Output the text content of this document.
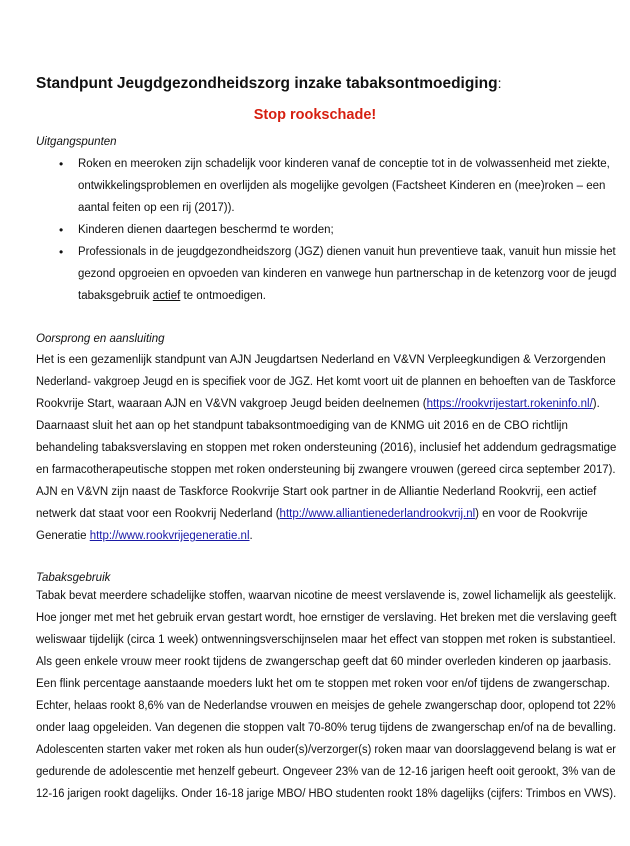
Standpunt Jeugdgezondheidszorg inzake tabaksontmoediging:
Stop rookschade!

Uitgangspunten

• Roken en meeroken zijn schadelijk voor kinderen vanaf de conceptie tot in de volwassenheid met ziekte,

ontwikkelingsproblemen en overlijden als mogelijke gevolgen (Factsheet Kinderen en (mee)roken – een

aantal feiten op een rij (2017)).

• Kinderen dienen daartegen beschermd te worden;

• Professionals in de jeugdgezondheidszorg (JGZ) dienen vanuit hun preventieve taak, vanuit hun missie het

gezond opgroeien en opvoeden van kinderen en vanwege hun partnerschap in de ketenzorg voor de jeugd

tabaksgebruik actief te ontmoedigen.

Oorsprong en aansluiting

Het is een gezamenlijk standpunt van AJN Jeugdartsen Nederland en V&VN Verpleegkundigen & Verzorgenden

Nederland- vakgroep Jeugd en is specifiek voor de JGZ. Het komt voort uit de plannen en behoeften van de Taskforce

Rookvrije Start, waaraan AJN en V&VN vakgroep Jeugd beiden deelnemen (https://rookvrijestart.rokeninfo.nl/).

Daarnaast sluit het aan op het standpunt tabaksontmoediging van de KNMG uit 2016 en de CBO richtlijn

behandeling tabaksverslaving en stoppen met roken ondersteuning (2016), inclusief het addendum gedragsmatige

en farmacotherapeutische stoppen met roken ondersteuning bij zwangere vrouwen (gereed circa september 2017).

AJN en V&VN zijn naast de Taskforce Rookvrije Start ook partner in de Alliantie Nederland Rookvrij, een actief

netwerk dat staat voor een Rookvrij Nederland (http://www.alliantienederlandrookvrij.nl) en voor de Rookvrije

Generatie http://www.rookvrijegeneratie.nl.

Tabaksgebruik

Tabak bevat meerdere schadelijke stoffen, waarvan nicotine de meest verslavende is, zowel lichamelijk als geestelijk.

Hoe jonger met met het gebruik ervan gestart wordt, hoe ernstiger de verslaving. Het breken met die verslaving geeft

weliswaar tijdelijk (circa 1 week) ontwenningsverschijnselen maar het effect van stoppen met roken is substantieel.

Als geen enkele vrouw meer rookt tijdens de zwangerschap geeft dat 60 minder overleden kinderen op jaarbasis.

Een flink percentage aanstaande moeders lukt het om te stoppen met roken voor en/of tijdens de zwangerschap.

Echter, helaas rookt 8,6% van de Nederlandse vrouwen en meisjes de gehele zwangerschap door, oplopend tot 22%

onder laag opgeleiden. Van degenen die stoppen valt 70-80% terug tijdens de zwangerschap en/of na de bevalling.

Adolescenten starten vaker met roken als hun ouder(s)/verzorger(s) roken maar van doorslaggevend belang is wat er

gedurende de adolescentie met henzelf gebeurt. Ongeveer 23% van de 12-16 jarigen heeft ooit gerookt, 3% van de

12-16 jarigen rookt dagelijks. Onder 16-18 jarige MBO/ HBO studenten rookt 18% dagelijks (cijfers: Trimbos en VWS).
